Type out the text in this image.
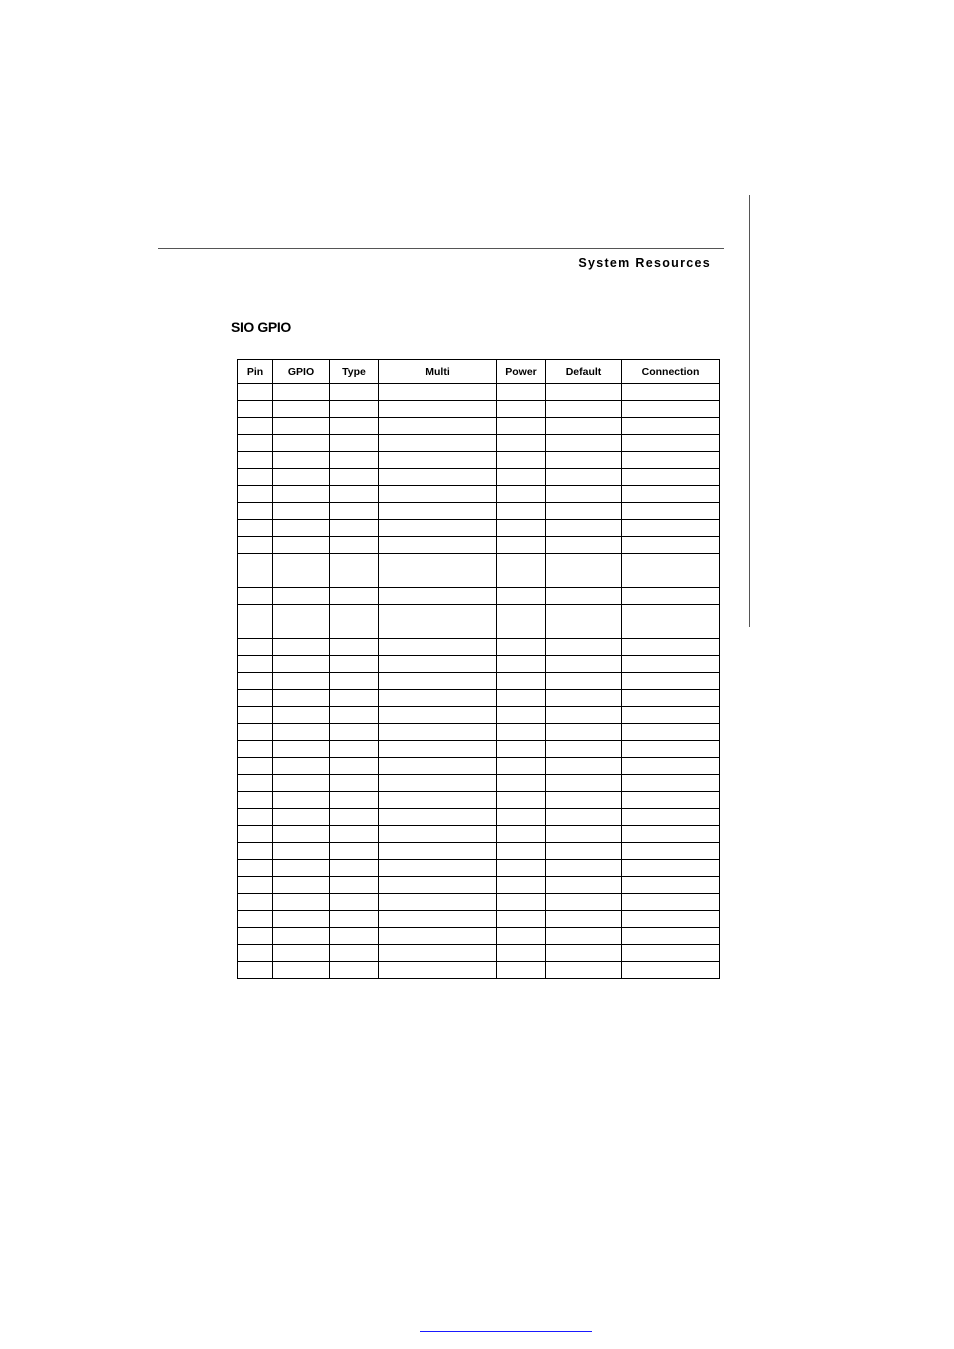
System Resources
SIO GPIO
Pin	GPIO	Type	Multi	Power	Default	Connection
